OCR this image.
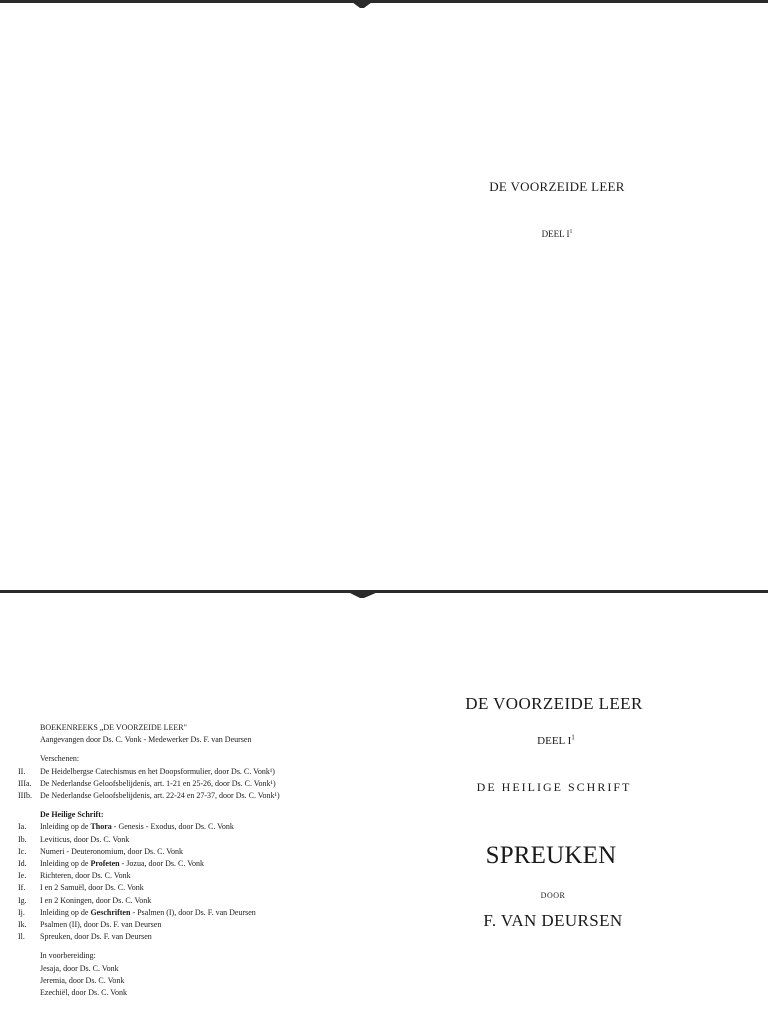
DE VOORZEIDE LEER
DEEL $I^1$
DE VOORZEIDE LEER
DEEL $I^1$
DE HEILIGE SCHRIFT
SPREUKEN
DOOR
F. VAN DEURSEN
BOEKENREEKS „DE VOORZEIDE LEER"
Aangevangen door Ds. C. Vonk - Medewerker Ds. F. van Deursen
Verschenen:
II.	De Heidelbergse Catechismus en het Doopsformulier, door Ds. C. Vonk¹)
IIIa.	De Nederlandse Geloofsbelijdenis, art. 1-21 en 25-26, door Ds. C. Vonk¹)
IIIb.	De Nederlandse Geloofsbelijdenis, art. 22-24 en 27-37, door Ds. C. Vonk¹)
De Heilige Schrift:
Ia.	Inleiding op de Thora - Genesis - Exodus, door Ds. C. Vonk
Ib.	Leviticus, door Ds. C. Vonk
Ic.	Numeri - Deuteronomium, door Ds. C. Vonk
Id.	Inleiding op de Profeten - Jozua, door Ds. C. Vonk
Ie.	Richteren, door Ds. C. Vonk
If.	I en 2 Samuël, door Ds. C. Vonk
Ig.	I en 2 Koningen, door Ds. C. Vonk
Ij.	Inleiding op de Geschriften - Psalmen (I), door Ds. F. van Deursen
Ik.	Psalmen (II), door Ds. F. van Deursen
Il.	Spreuken, door Ds. F. van Deursen
In voorbereiding:
Jesaja, door Ds. C. Vonk
Jeremia, door Ds. C. Vonk
Ezechiël, door Ds. C. Vonk
